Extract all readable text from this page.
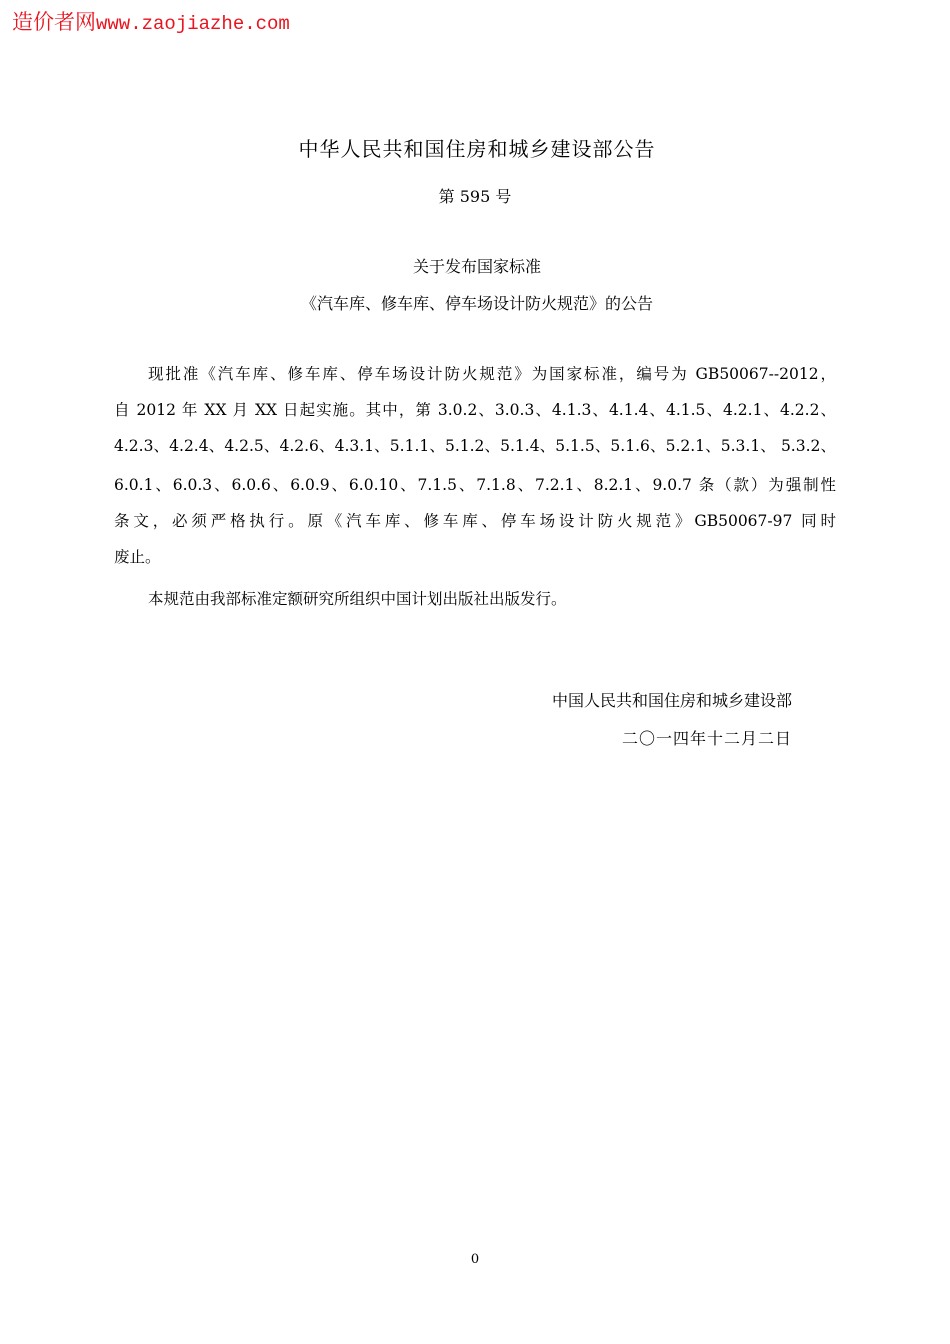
造价者网www.zaojiazhe.com
中华人民共和国住房和城乡建设部公告
第 595 号
关于发布国家标准
《汽车库、修车库、停车场设计防火规范》的公告
现批准《汽车库、修车库、停车场设计防火规范》为国家标准，编号为 GB50067--2012，
自 2012 年 XX 月 XX 日起实施。其中，第 3.0.2、3.0.3、4.1.3、4.1.4、4.1.5、4.2.1、4.2.2、
4.2.3、4.2.4、4.2.5、4.2.6、4.3.1、5.1.1、5.1.2、5.1.4、5.1.5、5.1.6、5.2.1、5.3.1、 5.3.2、
6.0.1、6.0.3、6.0.6、6.0.9、6.0.10、7.1.5、7.1.8、7.2.1、8.2.1、9.0.7 条（款）为强制性
条文，必须严格执行。原《汽车库、修车库、停车场设计防火规范》GB50067-97 同时
废止。
本规范由我部标准定额研究所组织中国计划出版社出版发行。
中国人民共和国住房和城乡建设部
二〇一四年十二月二日
0
